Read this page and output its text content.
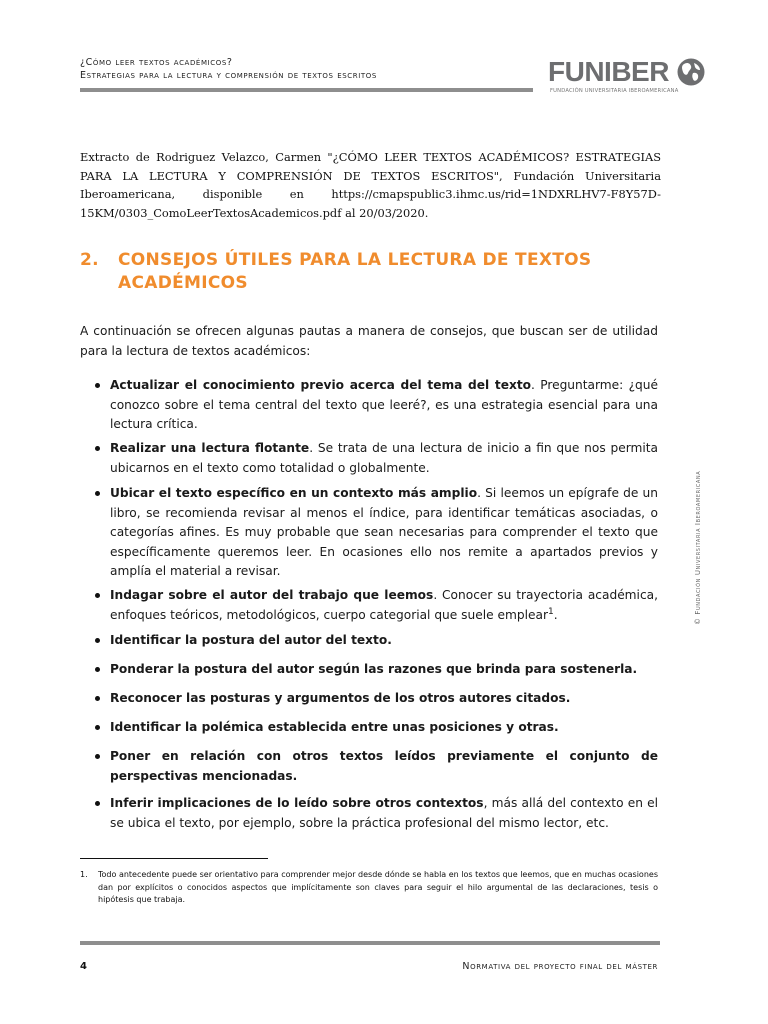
¿Cómo leer textos académicos?
Estrategias para la lectura y comprensión de textos escritos	FUNIBER
FUNDACIÓN UNIVERSITARIA IBEROAMERICANA
Extracto de Rodriguez Velazco, Carmen "¿CÓMO LEER TEXTOS ACADÉMICOS? ESTRATEGIAS PARA LA LECTURA Y COMPRENSIÓN DE TEXTOS ESCRITOS", Fundación Universitaria Iberoamericana, disponible en https://cmapspublic3.ihmc.us/rid=1NDXRLHV7-F8Y57D-15KM/0303_ComoLeerTextosAcademicos.pdf al 20/03/2020.
2. CONSEJOS ÚTILES PARA LA LECTURA DE TEXTOS ACADÉMICOS
A continuación se ofrecen algunas pautas a manera de consejos, que buscan ser de utilidad para la lectura de textos académicos:
Actualizar el conocimiento previo acerca del tema del texto. Preguntarme: ¿qué conozco sobre el tema central del texto que leeré?, es una estrategia esencial para una lectura crítica.
Realizar una lectura flotante. Se trata de una lectura de inicio a fin que nos permita ubicarnos en el texto como totalidad o globalmente.
Ubicar el texto específico en un contexto más amplio. Si leemos un epígrafe de un libro, se recomienda revisar al menos el índice, para identificar temáticas asociadas, o categorías afines. Es muy probable que sean necesarias para comprender el texto que específicamente queremos leer. En ocasiones ello nos remite a apartados previos y amplía el material a revisar.
Indagar sobre el autor del trabajo que leemos. Conocer su trayectoria académica, enfoques teóricos, metodológicos, cuerpo categorial que suele emplear$^1$.
Identificar la postura del autor del texto.
Ponderar la postura del autor según las razones que brinda para sostenerla.
Reconocer las posturas y argumentos de los otros autores citados.
Identificar la polémica establecida entre unas posiciones y otras.
Poner en relación con otros textos leídos previamente el conjunto de perspectivas mencionadas.
Inferir implicaciones de lo leído sobre otros contextos, más allá del contexto en el se ubica el texto, por ejemplo, sobre la práctica profesional del mismo lector, etc.
© Fundación Universitaria Iberoamericana
1. Todo antecedente puede ser orientativo para comprender mejor desde dónde se habla en los textos que leemos, que en muchas ocasiones dan por explícitos o conocidos aspectos que implícitamente son claves para seguir el hilo argumental de las declaraciones, tesis o hipótesis que trabaja.
4	Normativa del proyecto final del máster
